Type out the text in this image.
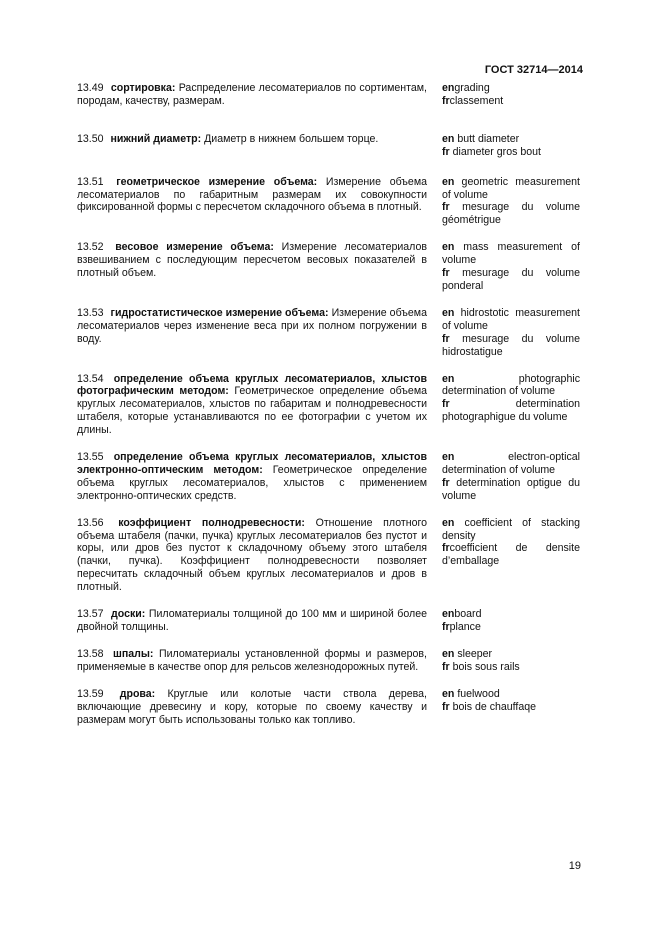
ГОСТ 32714—2014
13.49 сортировка: Распределение лесоматериалов по сортиментам, породам, качеству, размерам.
engrading
frclassement
13.50 нижний диаметр: Диаметр в нижнем большем торце.	en butt diameter
fr diameter gros bout
13.51 геометрическое измерение объема: Измерение объема лесоматериалов по габаритным размерам их совокупности фиксированной формы с пересчетом складочного объема в плотный.
en geometric measurement of volume
fr mesurage du volume géométrigue
13.52 весовое измерение объема: Измерение лесоматериалов взвешиванием с последующим пересчетом весовых показателей в плотный объем.
en mass measurement of volume
fr mesurage du volume ponderal
13.53 гидростатистическое измерение объема: Измерение объема лесоматериалов через изменение веса при их полном погружении в воду.
en hidrostotic measurement of volume
fr mesurage du volume hidrostatigue
13.54 определение объема круглых лесоматериалов, хлыстов фотографическим методом: Геометрическое определение объема круглых лесоматериалов, хлыстов по габаритам и полнодревесности штабеля, которые устанавливаются по ее фотографии с учетом их длины.
en	photographic determination of volume
fr	determination photographigue du volume
13.55 определение объема круглых лесоматериалов, хлыстов электронно-оптическим методом: Геометрическое определение объема круглых лесоматериалов, хлыстов с применением электронно-оптических средств.
en	electron-optical determination of volume
fr determination optigue du volume
13.56 коэффициент полнодревесности: Отношение плотного объема штабеля (пачки, пучка) круглых лесоматериалов без пустот и коры, или дров без пустот к складочному объему этого штабеля (пачки, пучка). Коэффициент полнодревесности позволяет пересчитать складочный объем круглых лесоматериалов и дров в плотный.
en coefficient of stacking density
frcoefficient de densite d’emballage
13.57 доски: Пиломатериалы толщиной до 100 мм и шириной более двойной толщины.
enboard
frplance
13.58 шпалы: Пиломатериалы установленной формы и размеров, применяемые в качестве опор для рельсов железнодорожных путей.
en sleeper
fr bois sous rails
13.59 дрова: Круглые или колотые части ствола дерева, включающие древесину и кору, которые по своему качеству и размерам могут быть использованы только как топливо.
en fuelwood
fr bois de chauffaqe
19
